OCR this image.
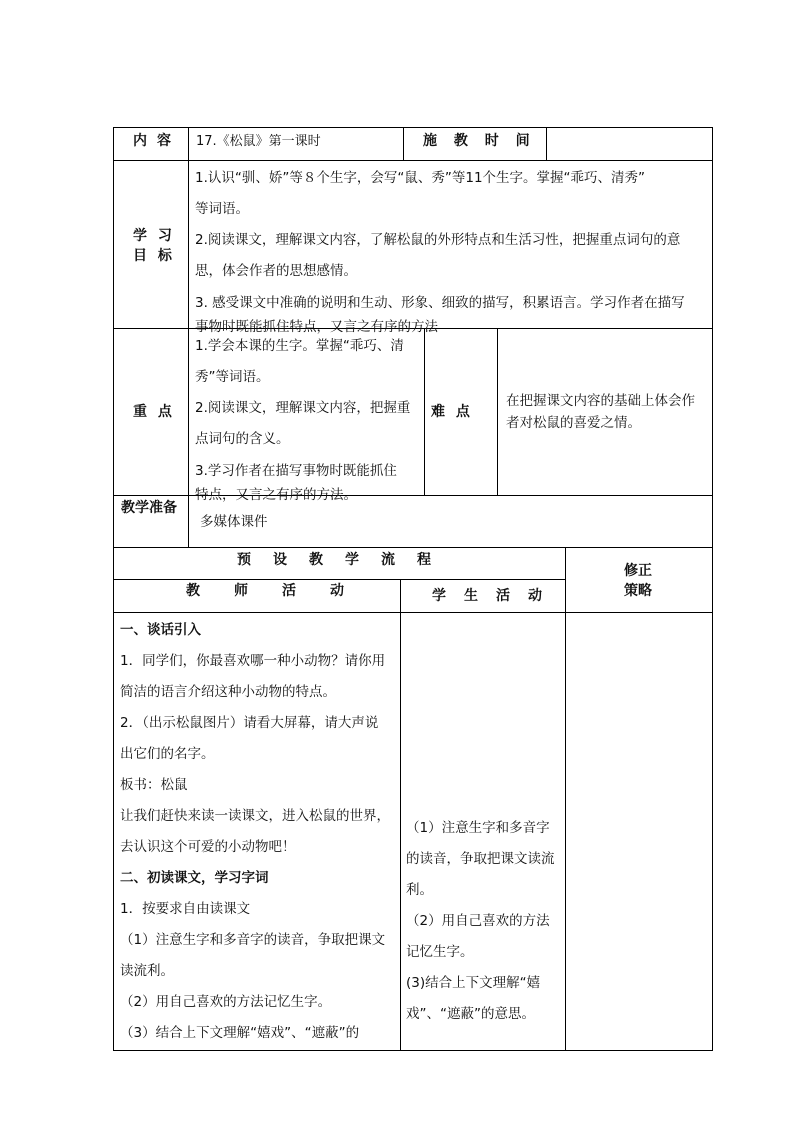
内容 17.《松鼠》第一课时	施 教 时 间
学 习
目 标
1.认识“驯、娇”等８个生字，会写“鼠、秀”等11个生字。掌握“乖巧、清秀”
等词语。
2.阅读课文，理解课文内容，了解松鼠的外形特点和生活习性，把握重点词句的意
思，体会作者的思想感情。
3. 感受课文中准确的说明和生动、形象、细致的描写，积累语言。学习作者在描写
事物时既能抓住特点，又言之有序的方法
重 点
1.学会本课的生字。掌握“乖巧、清
秀”等词语。
2.阅读课文，理解课文内容，把握重
点词句的含义。
3.学习作者在描写事物时既能抓住
特点，又言之有序的方法。
难 点
在把握课文内容的基础上体会作
者对松鼠的喜爱之情。
教学准备
多媒体课件
预　设　教　学　流　程
修正
策略
教　　师　　活　　动	学　生　活　动
一、谈话引入
1．同学们，你最喜欢哪一种小动物？请你用
简洁的语言介绍这种小动物的特点。
2．（出示松鼠图片）请看大屏幕，请大声说
出它们的名字。
板书：松鼠
让我们赶快来读一读课文，进入松鼠的世界，
去认识这个可爱的小动物吧！
二、初读课文，学习字词
1．按要求自由读课文
（1）注意生字和多音字的读音，争取把课文
读流利。
（2）用自己喜欢的方法记忆生字。
（3）结合上下文理解“嬉戏”、“遮蔽”的
（1）注意生字和多音字
的读音，争取把课文读流
利。
（2）用自己喜欢的方法
记忆生字。
(3)结合上下文理解“嬉
戏”、“遮蔽”的意思。
